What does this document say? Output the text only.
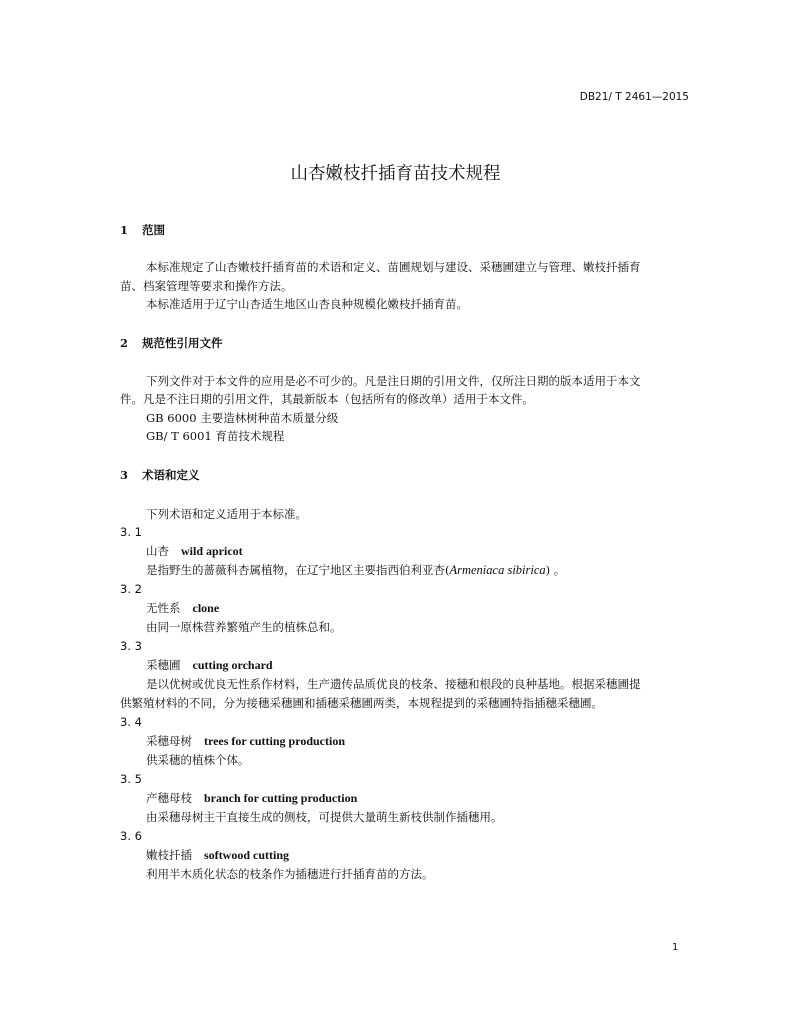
DB21/ T 2461—2015
山杏嫩枝扦插育苗技术规程
1 范围
本标准规定了山杏嫩枝扦插育苗的术语和定义、苗圃规划与建设、采穗圃建立与管理、嫩枝扦插育
苗、档案管理等要求和操作方法。
本标准适用于辽宁山杏适生地区山杏良种规模化嫩枝扦插育苗。
2 规范性引用文件
下列文件对于本文件的应用是必不可少的。凡是注日期的引用文件，仅所注日期的版本适用于本文
件。凡是不注日期的引用文件，其最新版本（包括所有的修改单）适用于本文件。
GB 6000 主要造林树种苗木质量分级
GB/ T 6001 育苗技术规程
3 术语和定义
下列术语和定义适用于本标准。
3. 1
山杏 wild apricot
是指野生的蔷薇科杏属植物，在辽宁地区主要指西伯利亚杏(Armeniaca sibirica) 。
3. 2
无性系 clone
由同一原株营养繁殖产生的植株总和。
3. 3
采穗圃 cutting orchard
是以优树或优良无性系作材料，生产遗传品质优良的枝条、接穗和根段的良种基地。根据采穗圃提
供繁殖材料的不同，分为接穗采穗圃和插穗采穗圃两类，本规程提到的采穗圃特指插穗采穗圃。
3. 4
采穗母树 trees for cutting production
供采穗的植株个体。
3. 5
产穗母枝 branch for cutting production
由采穗母树主干直接生成的侧枝，可提供大量萌生新枝供制作插穗用。
3. 6
嫩枝扦插 softwood cutting
利用半木质化状态的枝条作为插穗进行扦插育苗的方法。
1
